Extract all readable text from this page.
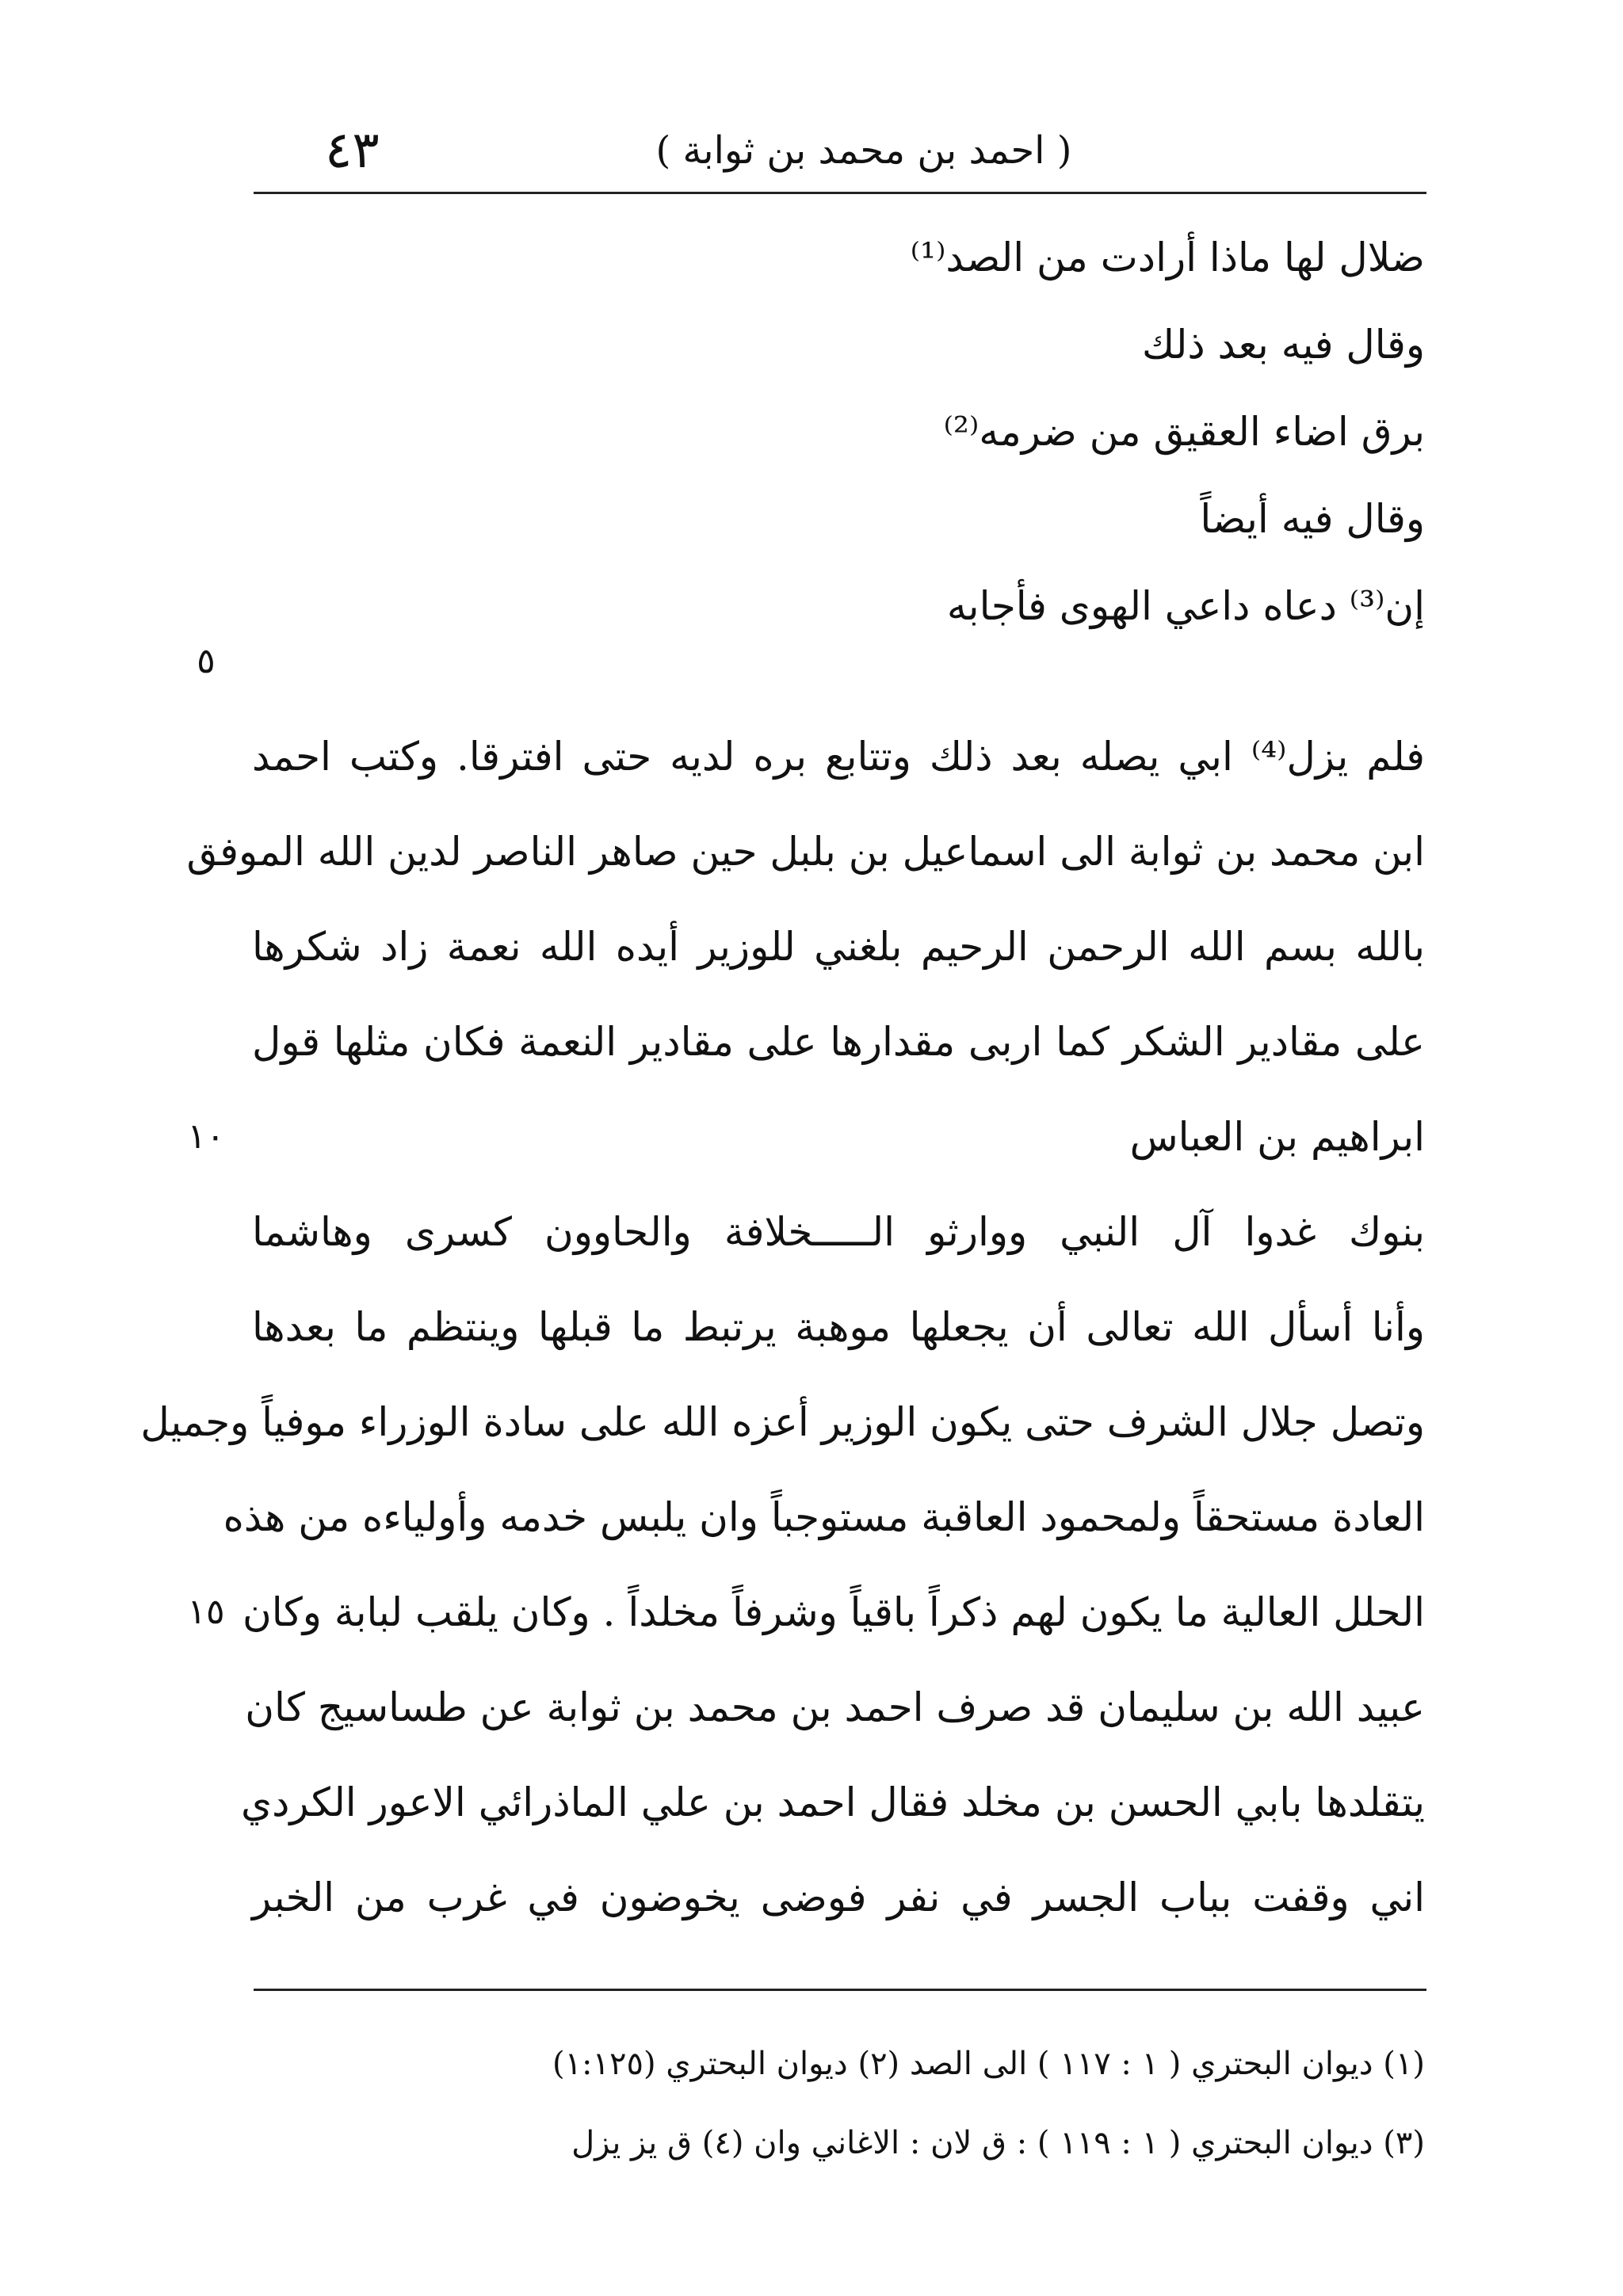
٤٣	( احمد بن محمد بن ثوابة )
ضلال لها ماذا أرادت من الصد⁽¹⁾
وقال فيه بعد ذلك
برق اضاء العقيق من ضرمه⁽²⁾
وقال فيه أيضاً
إن⁽³⁾ دعاه داعي الهوى فأجابه
٥
فلم يزل⁽⁴⁾ ابي يصله بعد ذلك وتتابع بره لديه حتى افترقا. وكتب احمد
ابن محمد بن ثوابة الى اسماعيل بن بلبل حين صاهر الناصر لدين الله الموفق
بالله بسم الله الرحمن الرحيم بلغني للوزير أيده الله نعمة زاد شكرها
على مقادير الشكر كما اربى مقدارها على مقادير النعمة فكان مثلها قول
ابراهيم بن العباس
١٠
بنوك غدوا آل النبي ووارثو الـــــخلافة والحاوون كسرى وهاشما
وأنا أسأل الله تعالى أن يجعلها موهبة يرتبط ما قبلها وينتظم ما بعدها
وتصل جلال الشرف حتى يكون الوزير أعزه الله على سادة الوزراء موفياً وجميل
العادة مستحقاً ولمحمود العاقبة مستوجباً وان يلبس خدمه وأولياءه من هذه
الحلل العالية ما يكون لهم ذكراً باقياً وشرفاً مخلداً . وكان يلقب لبابة وكان
١٥
عبيد الله بن سليمان قد صرف احمد بن محمد بن ثوابة عن طساسيج كان
يتقلدها بابي الحسن بن مخلد فقال احمد بن علي الماذرائي الاعور الكردي
اني وقفت بباب الجسر في نفر فوضى يخوضون في غرب من الخبر
(١) ديوان البحتري ( ١ : ١١٧ ) الى الصد (٢) ديوان البحتري (١:١٢٥)
(٣) ديوان البحتري ( ١ : ١١٩ ) : ق لان : الاغاني وان (٤) ق يز يزل
